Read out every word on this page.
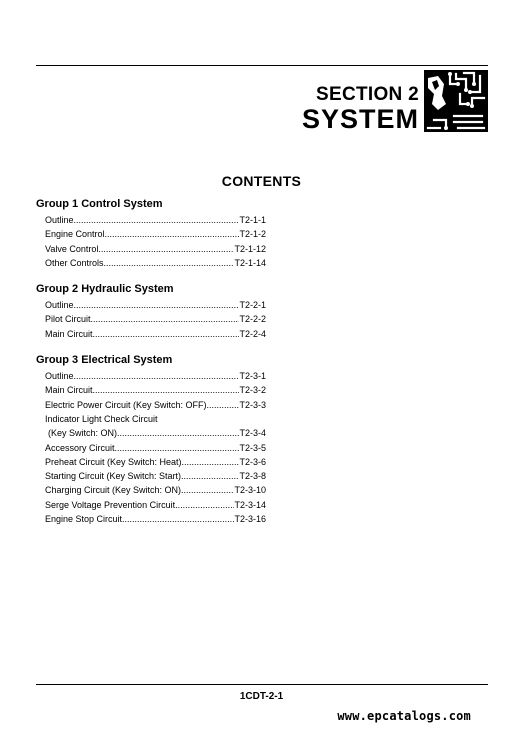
SECTION 2
SYSTEM
CONTENTS
Group 1 Control System
Outline .....	T2-1-1
Engine Control .....	T2-1-2
Valve Control .....	T2-1-12
Other Controls .....	T2-1-14
Group 2 Hydraulic System
Outline .....	T2-2-1
Pilot Circuit .....	T2-2-2
Main Circuit .....	T2-2-4
Group 3 Electrical System
Outline .....	T2-3-1
Main Circuit .....	T2-3-2
Electric Power Circuit (Key Switch: OFF) .....	T2-3-3
Indicator Light Check Circuit
(Key Switch: ON) .....	T2-3-4
Accessory Circuit .....	T2-3-5
Preheat Circuit (Key Switch: Heat) .....	T2-3-6
Starting Circuit (Key Switch: Start) .....	T2-3-8
Charging Circuit (Key Switch: ON) .....	T2-3-10
Serge Voltage Prevention Circuit .....	T2-3-14
Engine Stop Circuit .....	T2-3-16
1CDT-2-1
www.epcatalogs.com
